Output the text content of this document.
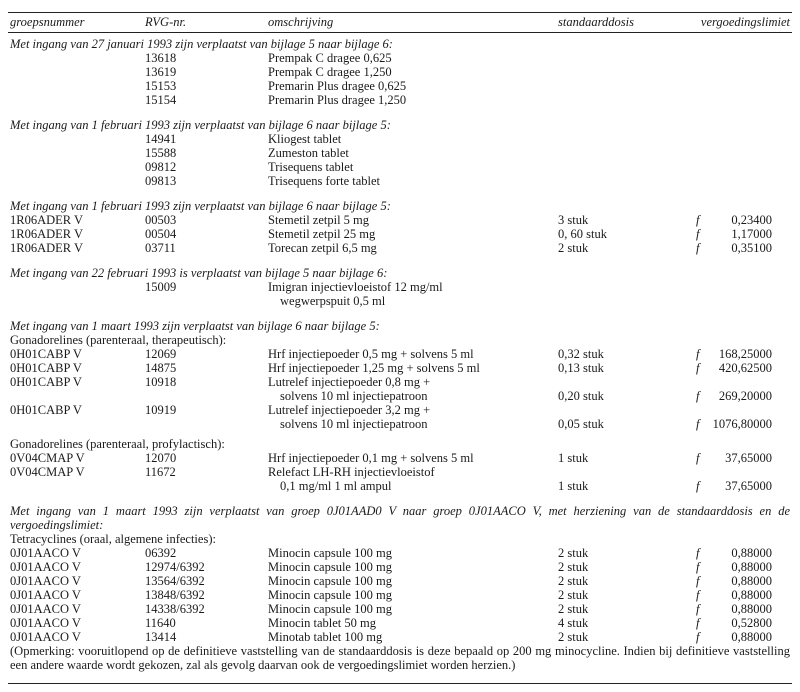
groepsnummer	RVG-nr.	omschrijving	standaarddosis	vergoedingslimiet
Met ingang van 27 januari 1993 zijn verplaatst van bijlage 5 naar bijlage 6:
13618	Prempak C dragee 0,625
13619	Prempak C dragee 1,250
15153	Premarin Plus dragee 0,625
15154	Premarin Plus dragee 1,250
Met ingang van 1 februari 1993 zijn verplaatst van bijlage 6 naar bijlage 5:
14941	Kliogest tablet
15588	Zumeston tablet
09812	Trisequens tablet
09813	Trisequens forte tablet
Met ingang van 1 februari 1993 zijn verplaatst van bijlage 6 naar bijlage 5:
1R06ADER V	00503	Stemetil zetpil 5 mg	3 stuk	f	0,23400
1R06ADER V	00504	Stemetil zetpil 25 mg	0, 60 stuk	f	1,17000
1R06ADER V	03711	Torecan zetpil 6,5 mg	2 stuk	f	0,35100
Met ingang van 22 februari 1993 is verplaatst van bijlage 5 naar bijlage 6:
15009	Imigran injectievloeistof 12 mg/ml
wegwerpspuit 0,5 ml
Met ingang van 1 maart 1993 zijn verplaatst van bijlage 6 naar bijlage 5:
Gonadorelines (parenteraal, therapeutisch):
0H01CABP V	12069	Hrf injectiepoeder 0,5 mg + solvens 5 ml	0,32 stuk	f 168,25000
0H01CABP V	14875	Hrf injectiepoeder 1,25 mg + solvens 5 ml	0,13 stuk	f 420,62500
0H01CABP V	10918	Lutrelef injectiepoeder 0,8 mg +
solvens 10 ml injectiepatroon	0,20 stuk	f 269,20000
0H01CABP V	10919	Lutrelef injectiepoeder 3,2 mg +
solvens 10 ml injectiepatroon	0,05 stuk	f 1076,80000
Gonadorelines (parenteraal, profylactisch):
0V04CMAP V	12070	Hrf injectiepoeder 0,1 mg + solvens 5 ml	1 stuk	f 37,65000
0V04CMAP V	11672	Relefact LH-RH injectievloeistof
0,1 mg/ml 1 ml ampul	1 stuk	f 37,65000
Met ingang van 1 maart 1993 zijn verplaatst van groep 0J01AAD0 V naar groep 0J01AACO V, met herziening van de standaarddosis en de vergoedingslimiet:
Tetracyclines (oraal, algemene infecties):
0J01AACO V	06392	Minocin capsule 100 mg	2 stuk	f	0,88000
0J01AACO V	12974/6392	Minocin capsule 100 mg	2 stuk	f	0,88000
0J01AACO V	13564/6392	Minocin capsule 100 mg	2 stuk	f	0,88000
0J01AACO V	13848/6392	Minocin capsule 100 mg	2 stuk	f	0,88000
0J01AACO V	14338/6392	Minocin capsule 100 mg	2 stuk	f	0,88000
0J01AACO V	11640	Minocin tablet 50 mg	4 stuk	f	0,52800
0J01AACO V	13414	Minotab tablet 100 mg	2 stuk	f	0,88000
(Opmerking: vooruitlopend op de definitieve vaststelling van de standaarddosis is deze bepaald op 200 mg minocycline. Indien bij definitieve vaststelling een andere waarde wordt gekozen, zal als gevolg daarvan ook de vergoedingslimiet worden herzien.)
